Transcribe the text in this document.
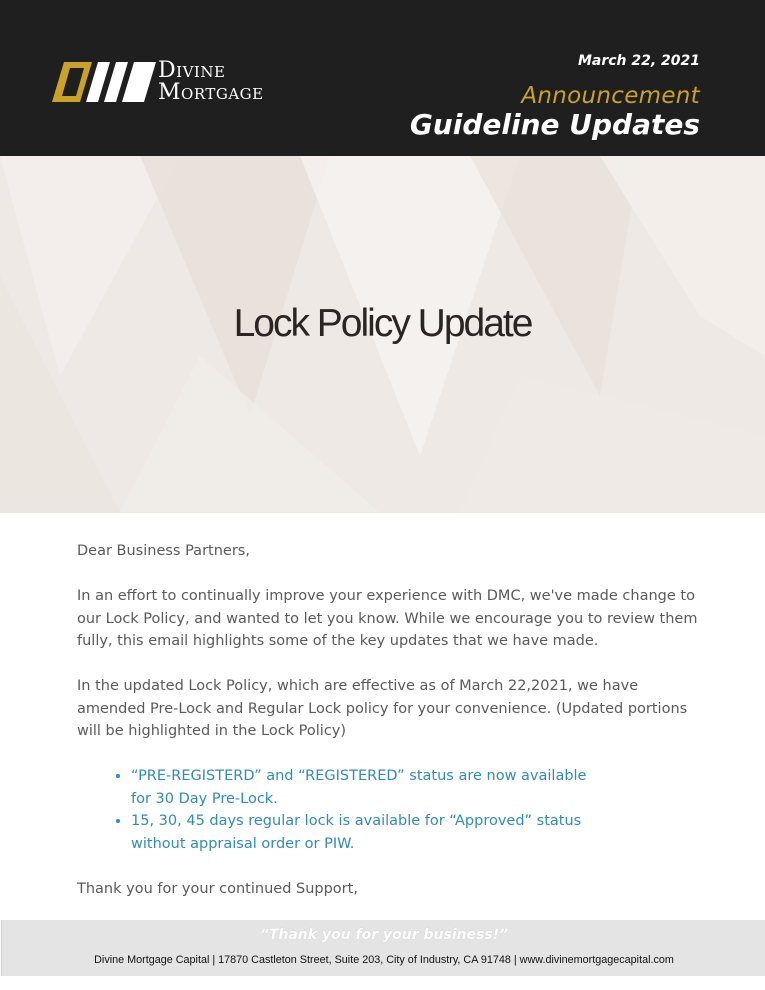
Divine
Mortgage
March 22, 2021
Announcement
Guideline Updates
Lock Policy Update

Dear Business Partners,

In an effort to continually improve your experience with DMC, we've made change to our Lock Policy, and wanted to let you know. While we encourage you to review them fully, this email highlights some of the key updates that we have made.

In the updated Lock Policy, which are effective as of March 22,2021, we have amended Pre-Lock and Regular Lock policy for your convenience. (Updated portions will be highlighted in the Lock Policy)

• “PRE-REGISTERD” and “REGISTERED” status are now available for 30 Day Pre-Lock.
• 15, 30, 45 days regular lock is available for “Approved” status without appraisal order or PIW.

Thank you for your continued Support,

“Thank you for your business!”
Divine Mortgage Capital | 17870 Castleton Street, Suite 203, City of Industry, CA 91748 | www.divinemortgagecapital.com
